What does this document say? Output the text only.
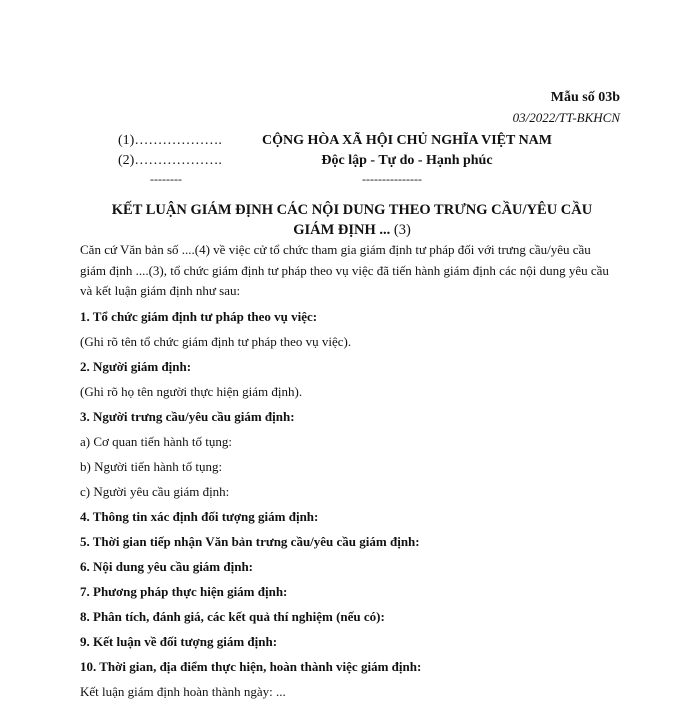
Mẫu số 03b
03/2022/TT-BKHCN
(1)……………….
(2)……………….
--------
CỘNG HÒA XÃ HỘI CHỦ NGHĨA VIỆT NAM
Độc lập - Tự do - Hạnh phúc
---------------
KẾT LUẬN GIÁM ĐỊNH CÁC NỘI DUNG THEO TRƯNG CẦU/YÊU CẦU GIÁM ĐỊNH ... (3)

Căn cứ Văn bản số ....(4) về việc cử tổ chức tham gia giám định tư pháp đối với trưng cầu/yêu cầu giám định ....(3), tổ chức giám định tư pháp theo vụ việc đã tiến hành giám định các nội dung yêu cầu và kết luận giám định như sau:

1. Tổ chức giám định tư pháp theo vụ việc:

(Ghi rõ tên tổ chức giám định tư pháp theo vụ việc).

2. Người giám định:

(Ghi rõ họ tên người thực hiện giám định).

3. Người trưng cầu/yêu cầu giám định:

a) Cơ quan tiến hành tố tụng:

b) Người tiến hành tố tụng:

c) Người yêu cầu giám định:

4. Thông tin xác định đối tượng giám định:

5. Thời gian tiếp nhận Văn bản trưng cầu/yêu cầu giám định:

6. Nội dung yêu cầu giám định:

7. Phương pháp thực hiện giám định:

8. Phân tích, đánh giá, các kết quả thí nghiệm (nếu có):

9. Kết luận về đối tượng giám định:

10. Thời gian, địa điểm thực hiện, hoàn thành việc giám định:

Kết luận giám định hoàn thành ngày: ...
